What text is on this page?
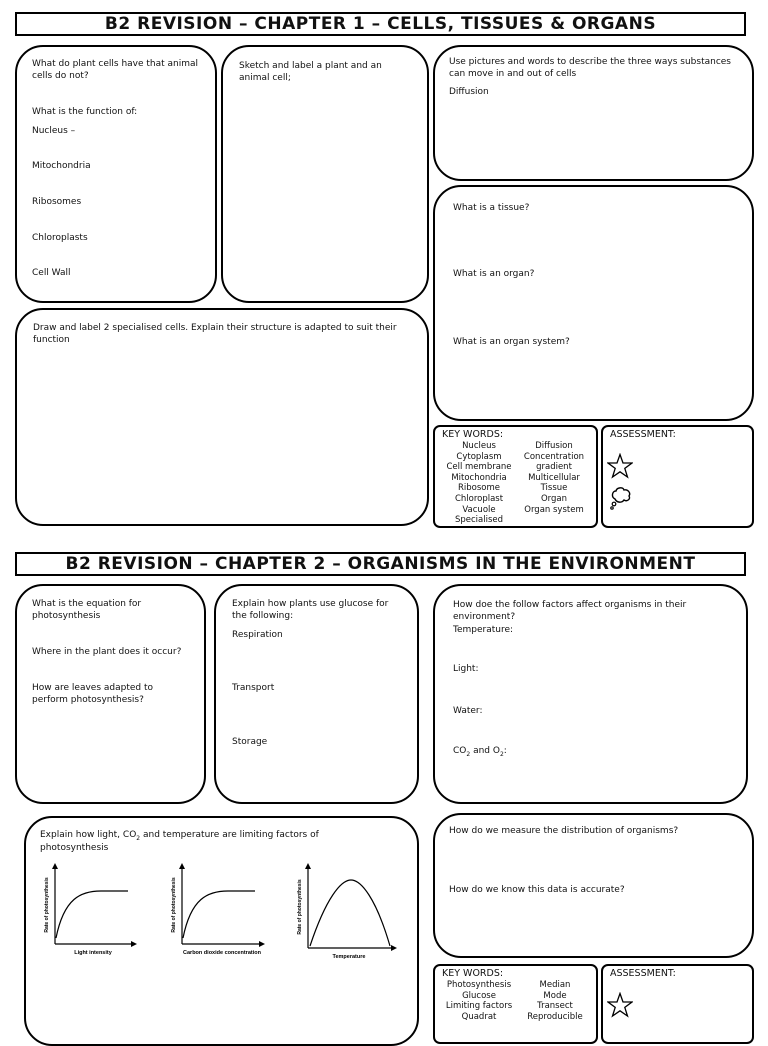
B2 REVISION – CHAPTER 1 – CELLS, TISSUES & ORGANS
What do plant cells have that animal
cells do not?
What is the function of:
Nucleus –
Mitochondria
Ribosomes
Chloroplasts
Cell Wall
Sketch and label a plant and an
animal cell;
Use pictures and words to describe the three ways substances
can move in and out of cells
Diffusion
What is a tissue?
What is an organ?
What is an organ system?
Draw and label 2 specialised cells. Explain their structure is adapted to suit their
function
KEY WORDS:
Nucleus
Cytoplasm
Cell membrane
Mitochondria
Ribosome
Chloroplast
Vacuole
Specialised
Diffusion
Concentration
gradient
Multicellular
Tissue
Organ
Organ system
ASSESSMENT:
B2 REVISION – CHAPTER 2 – ORGANISMS IN THE ENVIRONMENT
What is the equation for
photosynthesis
Where in the plant does it occur?
How are leaves adapted to
perform photosynthesis?
Explain how plants use glucose for
the following:
Respiration
Transport
Storage
How doe the follow factors affect organisms in their
environment?
Temperature:
Light:
Water:
$CO_2$ and $O_2$:
Explain how light, $CO_2$ and temperature are limiting factors of
photosynthesis
Light intensity
Rate of photosynthesis
Carbon dioxide concentration
Rate of photosynthesis
Temperature
Rate of photosynthesis
How do we measure the distribution of organisms?
How do we know this data is accurate?
KEY WORDS:
Photosynthesis
Glucose
Limiting factors
Quadrat
Median
Mode
Transect
Reproducible
ASSESSMENT:
